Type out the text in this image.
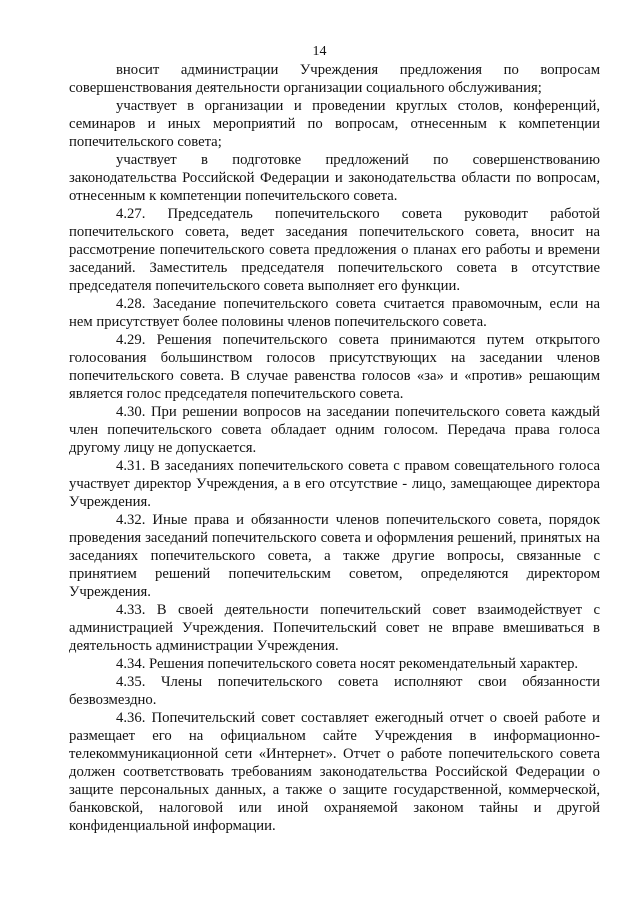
14

вносит администрации Учреждения предложения по вопросам совершенствования деятельности организации социального обслуживания;

участвует в организации и проведении круглых столов, конференций, семинаров и иных мероприятий по вопросам, отнесенным к компетенции попечительского совета;

участвует в подготовке предложений по совершенствованию законодательства Российской Федерации и законодательства области по вопросам, отнесенным к компетенции попечительского совета.

4.27. Председатель попечительского совета руководит работой попечительского совета, ведет заседания попечительского совета, вносит на рассмотрение попечительского совета предложения о планах его работы и времени заседаний. Заместитель председателя попечительского совета в отсутствие председателя попечительского совета выполняет его функции.

4.28. Заседание попечительского совета считается правомочным, если на нем присутствует более половины членов попечительского совета.

4.29. Решения попечительского совета принимаются путем открытого голосования большинством голосов присутствующих на заседании членов попечительского совета. В случае равенства голосов «за» и «против» решающим является голос председателя попечительского совета.

4.30. При решении вопросов на заседании попечительского совета каждый член попечительского совета обладает одним голосом. Передача права голоса другому лицу не допускается.

4.31. В заседаниях попечительского совета с правом совещательного голоса участвует директор Учреждения, а в его отсутствие - лицо, замещающее директора Учреждения.

4.32. Иные права и обязанности членов попечительского совета, порядок проведения заседаний попечительского совета и оформления решений, принятых на заседаниях попечительского совета, а также другие вопросы, связанные с принятием решений попечительским советом, определяются директором Учреждения.

4.33. В своей деятельности попечительский совет взаимодействует с администрацией Учреждения. Попечительский совет не вправе вмешиваться в деятельность администрации Учреждения.

4.34. Решения попечительского совета носят рекомендательный характер.

4.35. Члены попечительского совета исполняют свои обязанности безвозмездно.

4.36. Попечительский совет составляет ежегодный отчет о своей работе и размещает его на официальном сайте Учреждения в информационно-телекоммуникационной сети «Интернет». Отчет о работе попечительского совета должен соответствовать требованиям законодательства Российской Федерации о защите персональных данных, а также о защите государственной, коммерческой, банковской, налоговой или иной охраняемой законом тайны и другой конфиденциальной информации.
